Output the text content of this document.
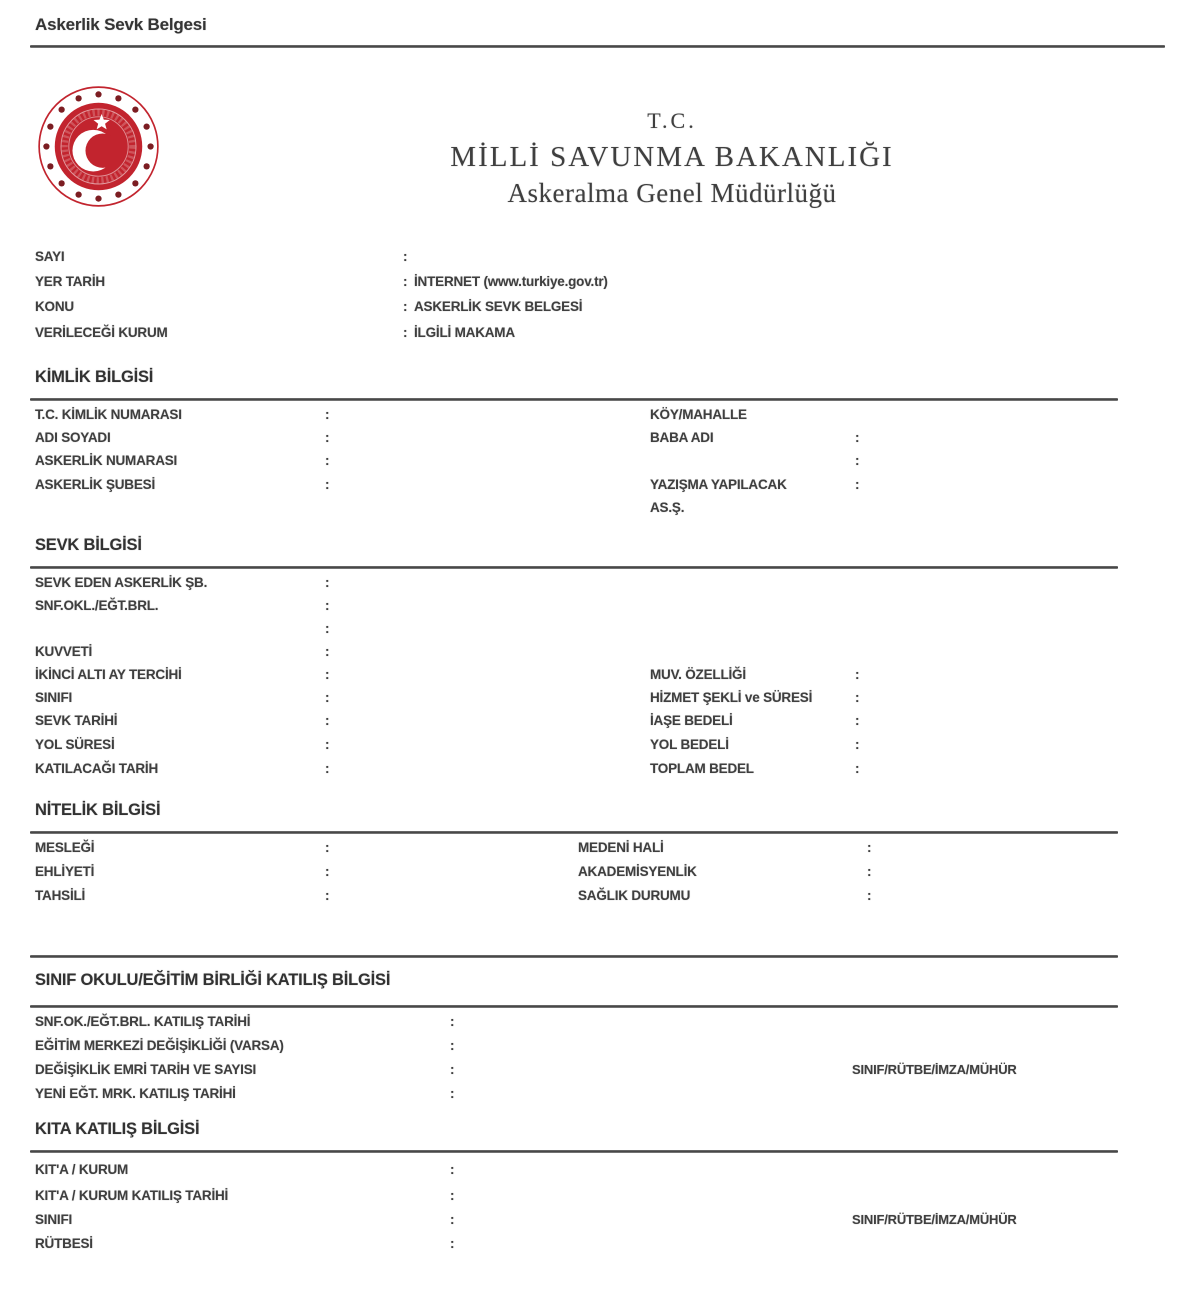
Askerlik Sevk Belgesi
T.C.
MİLLİ SAVUNMA BAKANLIĞI
Askeralma Genel Müdürlüğü
SAYI	:
YER TARİH	: İNTERNET (www.turkiye.gov.tr)
KONU	: ASKERLİK SEVK BELGESİ
VERİLECEĞİ KURUM	: İLGİLİ MAKAMA
KİMLİK BİLGİSİ
T.C. KİMLİK NUMARASI	:	KÖY/MAHALLE
ADI SOYADI	:	BABA ADI	:
ASKERLİK NUMARASI	:	:
ASKERLİK ŞUBESİ	:	YAZIŞMA YAPILACAK	:
AS.Ş.
SEVK BİLGİSİ
SEVK EDEN ASKERLİK ŞB.	:
SNF.OKL./EĞT.BRL.	:
:
KUVVETİ	:
İKİNCİ ALTI AY TERCİHİ	:	MUV. ÖZELLİĞİ	:
SINIFI	:	HİZMET ŞEKLİ ve SÜRESİ	:
SEVK TARİHİ	:	İAŞE BEDELİ	:
YOL SÜRESİ	:	YOL BEDELİ	:
KATILACAĞI TARİH	:	TOPLAM BEDEL	:
NİTELİK BİLGİSİ
MESLEĞİ	:	MEDENİ HALİ	:
EHLİYETİ	:	AKADEMİSYENLİK	:
TAHSİLİ	:	SAĞLIK DURUMU	:
SINIF OKULU/EĞİTİM BİRLİĞİ KATILIŞ BİLGİSİ
SNF.OK./EĞT.BRL. KATILIŞ TARİHİ	:
EĞİTİM MERKEZİ DEĞİŞİKLİĞİ (VARSA)	:
DEĞİŞİKLİK EMRİ TARİH VE SAYISI	:
YENİ EĞT. MRK. KATILIŞ TARİHİ	:
SINIF/RÜTBE/İMZA/MÜHÜR
KITA KATILIŞ BİLGİSİ
KIT'A / KURUM	:
KIT'A / KURUM KATILIŞ TARİHİ	:
SINIFI	:
RÜTBESİ	:
SINIF/RÜTBE/İMZA/MÜHÜR
